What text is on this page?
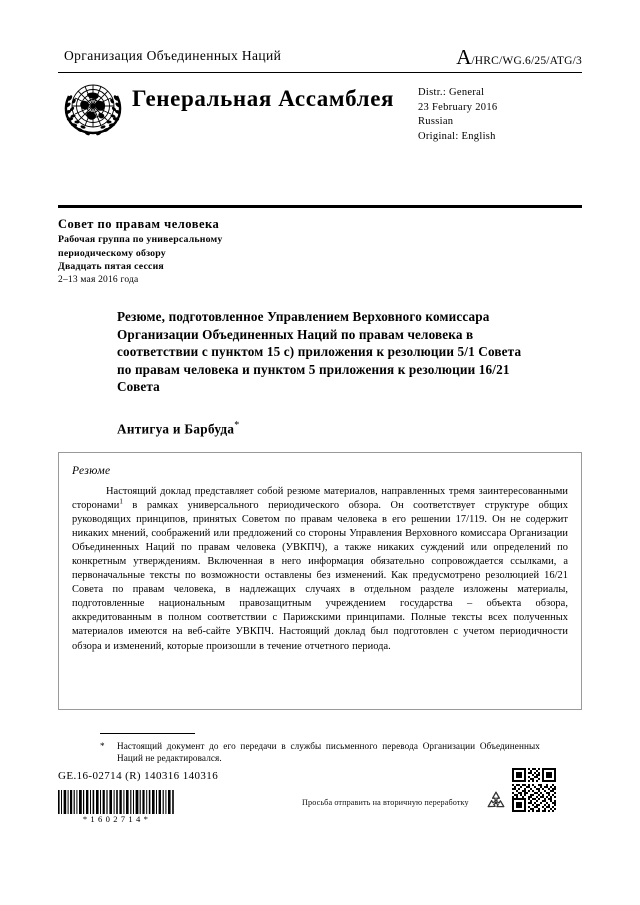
Организация Объединенных Наций	A/HRC/WG.6/25/ATG/3
Генеральная Ассамблея Distr.: General
23 February 2016
Russian
Original: English
Совет по правам человека
Рабочая группа по универсальному
периодическому обзору
Двадцать пятая сессия
2–13 мая 2016 года
Резюме, подготовленное Управлением Верховного комиссара Организации Объединенных Наций по правам человека в соответствии с пунктом 15 c) приложения к резолюции 5/1 Совета по правам человека и пунктом 5 приложения к резолюции 16/21 Совета
Антигуа и Барбуда*
Резюме
Настоящий доклад представляет собой резюме материалов, направленных тремя заинтересованными сторонами$^1$ в рамках универсального периодического обзора. Он соответствует структуре общих руководящих принципов, принятых Советом по правам человека в его решении 17/119. Он не содержит никаких мнений, соображений или предложений со стороны Управления Верховного комиссара Организации Объединенных Наций по правам человека (УВКПЧ), а также никаких суждений или определений по конкретным утверждениям. Включенная в него информация обязательно сопровождается ссылками, а первоначальные тексты по возможности оставлены без изменений. Как предусмотрено резолюцией 16/21 Совета по правам человека, в надлежащих случаях в отдельном разделе изложены материалы, подготовленные национальным правозащитным учреждением государства – объекта обзора, аккредитованным в полном соответствии с Парижскими принципами. Полные тексты всех полученных материалов имеются на веб-сайте УВКПЧ. Настоящий доклад был подготовлен с учетом периодичности обзора и изменений, которые произошли в течение отчетного периода.
*	Настоящий документ до его передачи в службы письменного перевода Организации Объединенных Наций не редактировался.
GE.16-02714 (R) 140316 140316
*1602714*
Просьба отправить на вторичную переработку
